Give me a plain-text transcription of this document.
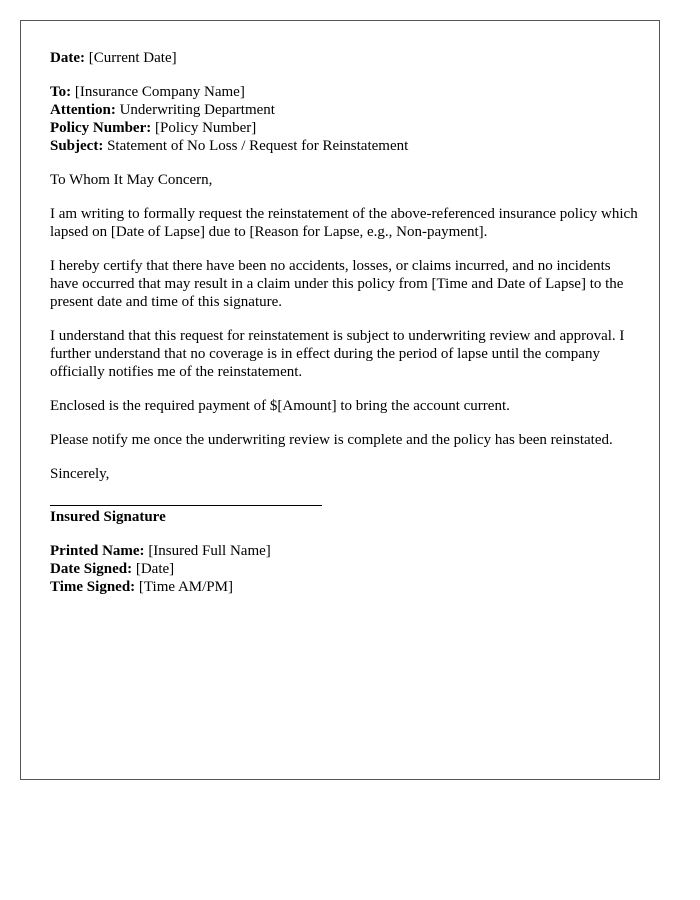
Date: [Current Date]

To: [Insurance Company Name]

Attention: Underwriting Department

Policy Number: [Policy Number]

Subject: Statement of No Loss / Request for Reinstatement

To Whom It May Concern,

I am writing to formally request the reinstatement of the above-referenced insurance policy which lapsed on [Date of Lapse] due to [Reason for Lapse, e.g., Non-payment].

I hereby certify that there have been no accidents, losses, or claims incurred, and no incidents have occurred that may result in a claim under this policy from [Time and Date of Lapse] to the present date and time of this signature.

I understand that this request for reinstatement is subject to underwriting review and approval. I further understand that no coverage is in effect during the period of lapse until the company officially notifies me of the reinstatement.

Enclosed is the required payment of $[Amount] to bring the account current.

Please notify me once the underwriting review is complete and the policy has been reinstated.

Sincerely,

Insured Signature

Printed Name: [Insured Full Name]

Date Signed: [Date]

Time Signed: [Time AM/PM]
